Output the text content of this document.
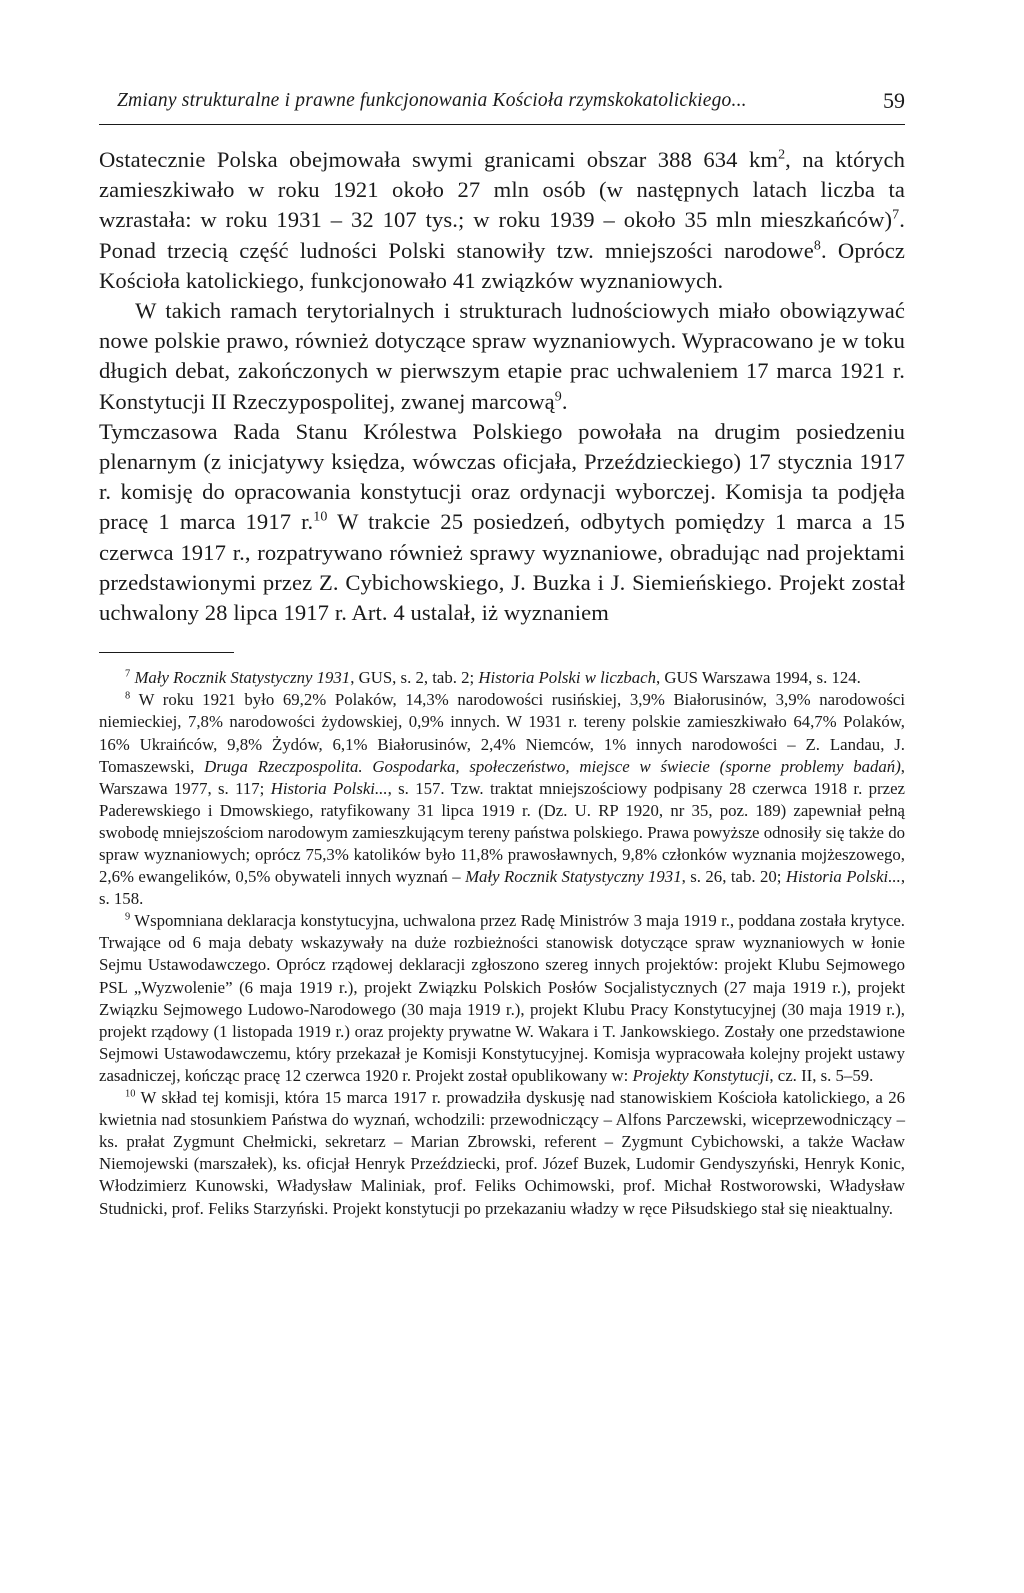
Zmiany strukturalne i prawne funkcjonowania Kościoła rzymskokatolickiego...	59

Ostatecznie Polska obejmowała swymi granicami obszar 388 634 $km^2$, na których zamieszkiwało w roku 1921 około 27 mln osób (w następnych latach liczba ta wzrastała: w roku 1931 – 32 107 tys.; w roku 1939 – około 35 mln mieszkańców)$^7$. Ponad trzecią część ludności Polski stanowiły tzw. mniejszości narodowe$^8$. Oprócz Kościoła katolickiego, funkcjonowało 41 związków wyznaniowych.

W takich ramach terytorialnych i strukturach ludnościowych miało obowiązywać nowe polskie prawo, również dotyczące spraw wyznaniowych. Wypracowano je w toku długich debat, zakończonych w pierwszym etapie prac uchwaleniem 17 marca 1921 r. Konstytucji II Rzeczypospolitej, zwanej marcową$^9$.

Tymczasowa Rada Stanu Królestwa Polskiego powołała na drugim posiedzeniu plenarnym (z inicjatywy księdza, wówczas oficjała, Przeździeckiego) 17 stycznia 1917 r. komisję do opracowania konstytucji oraz ordynacji wyborczej. Komisja ta podjęła pracę 1 marca 1917 r.$^{10}$ W trakcie 25 posiedzeń, odbytych pomiędzy 1 marca a 15 czerwca 1917 r., rozpatrywano również sprawy wyznaniowe, obradując nad projektami przedstawionymi przez Z. Cybichowskiego, J. Buzka i J. Siemieńskiego. Projekt został uchwalony 28 lipca 1917 r. Art. 4 ustalał, iż wyznaniem

$^7$ Mały Rocznik Statystyczny 1931, GUS, s. 2, tab. 2; Historia Polski w liczbach, GUS Warszawa 1994, s. 124.

$^8$ W roku 1921 było 69,2% Polaków, 14,3% narodowości rusińskiej, 3,9% Białorusinów, 3,9% narodowości niemieckiej, 7,8% narodowości żydowskiej, 0,9% innych. W 1931 r. tereny polskie zamieszkiwało 64,7% Polaków, 16% Ukraińców, 9,8% Żydów, 6,1% Białorusinów, 2,4% Niemców, 1% innych narodowości – Z. Landau, J. Tomaszewski, Druga Rzeczpospolita. Gospodarka, społeczeństwo, miejsce w świecie (sporne problemy badań), Warszawa 1977, s. 117; Historia Polski..., s. 157. Tzw. traktat mniejszościowy podpisany 28 czerwca 1918 r. przez Paderewskiego i Dmowskiego, ratyfikowany 31 lipca 1919 r. (Dz. U. RP 1920, nr 35, poz. 189) zapewniał pełną swobodę mniejszościom narodowym zamieszkującym tereny państwa polskiego. Prawa powyższe odnosiły się także do spraw wyznaniowych; oprócz 75,3% katolików było 11,8% prawosławnych, 9,8% członków wyznania mojżeszowego, 2,6% ewangelików, 0,5% obywateli innych wyznań – Mały Rocznik Statystyczny 1931, s. 26, tab. 20; Historia Polski..., s. 158.

$^9$ Wspomniana deklaracja konstytucyjna, uchwalona przez Radę Ministrów 3 maja 1919 r., poddana została krytyce. Trwające od 6 maja debaty wskazywały na duże rozbieżności stanowisk dotyczące spraw wyznaniowych w łonie Sejmu Ustawodawczego. Oprócz rządowej deklaracji zgłoszono szereg innych projektów: projekt Klubu Sejmowego PSL „Wyzwolenie” (6 maja 1919 r.), projekt Związku Polskich Posłów Socjalistycznych (27 maja 1919 r.), projekt Związku Sejmowego Ludowo-Narodowego (30 maja 1919 r.), projekt Klubu Pracy Konstytucyjnej (30 maja 1919 r.), projekt rządowy (1 listopada 1919 r.) oraz projekty prywatne W. Wakara i T. Jankowskiego. Zostały one przedstawione Sejmowi Ustawodawczemu, który przekazał je Komisji Konstytucyjnej. Komisja wypracowała kolejny projekt ustawy zasadniczej, kończąc pracę 12 czerwca 1920 r. Projekt został opublikowany w: Projekty Konstytucji, cz. II, s. 5–59.

$^{10}$ W skład tej komisji, która 15 marca 1917 r. prowadziła dyskusję nad stanowiskiem Kościoła katolickiego, a 26 kwietnia nad stosunkiem Państwa do wyznań, wchodzili: przewodniczący – Alfons Parczewski, wiceprzewodniczący – ks. prałat Zygmunt Chełmicki, sekretarz – Marian Zbrowski, referent – Zygmunt Cybichowski, a także Wacław Niemojewski (marszałek), ks. oficjał Henryk Przeździecki, prof. Józef Buzek, Ludomir Gendyszyński, Henryk Konic, Włodzimierz Kunowski, Władysław Maliniak, prof. Feliks Ochimowski, prof. Michał Rostworowski, Władysław Studnicki, prof. Feliks Starzyński. Projekt konstytucji po przekazaniu władzy w ręce Piłsudskiego stał się nieaktualny.
